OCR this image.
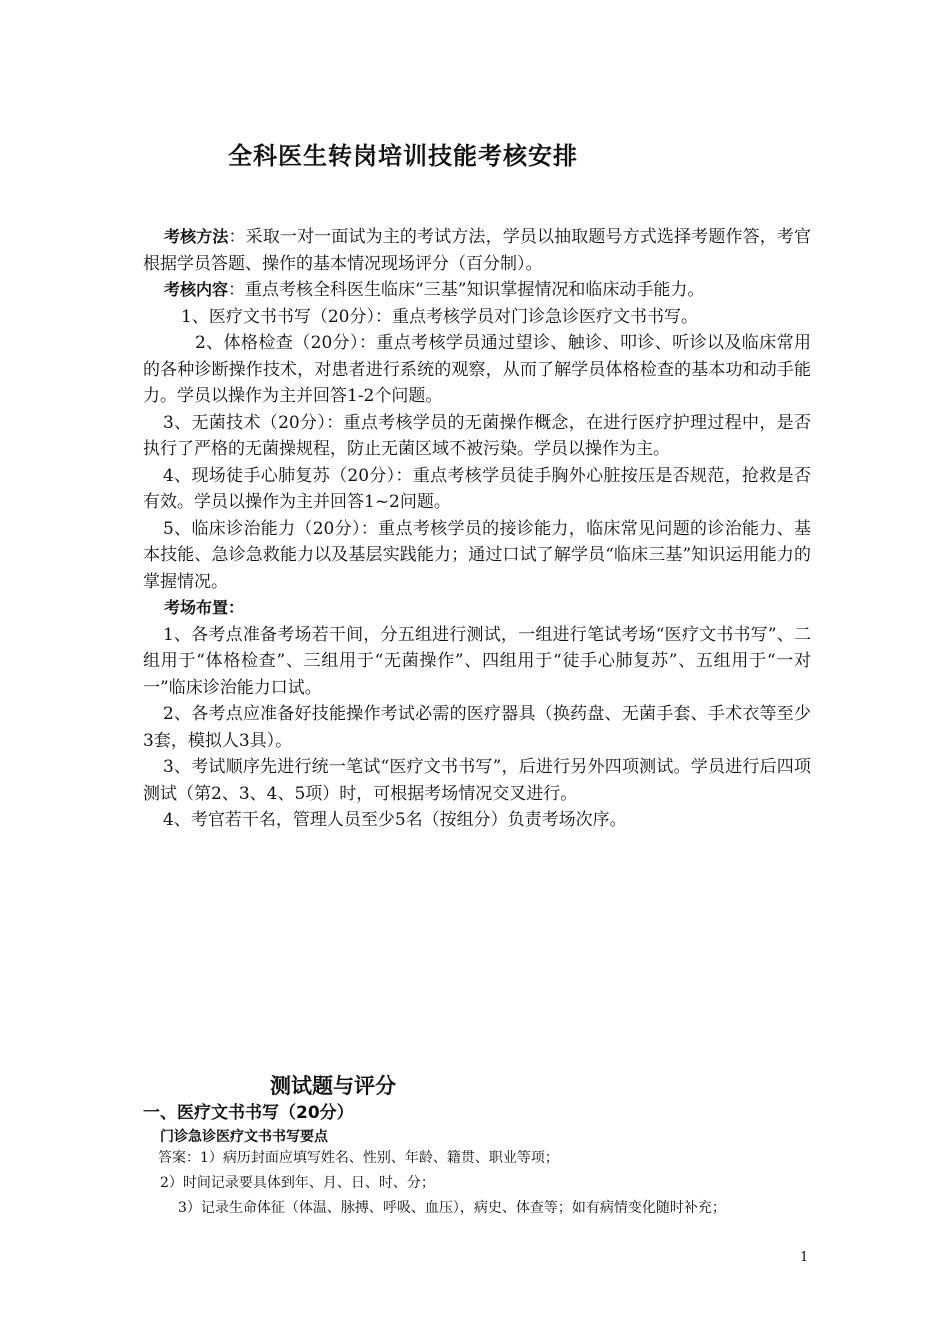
全科医生转岗培训技能考核安排

考核方法：采取一对一面试为主的考试方法，学员以抽取题号方式选择考题作答，考官根据学员答题、操作的基本情况现场评分（百分制）。

考核内容：重点考核全科医生临床“三基”知识掌握情况和临床动手能力。

1、医疗文书书写（20分）：重点考核学员对门诊急诊医疗文书书写。

2、体格检查（20分）：重点考核学员通过望诊、触诊、叩诊、听诊以及临床常用的各种诊断操作技术，对患者进行系统的观察，从而了解学员体格检查的基本功和动手能力。学员以操作为主并回答1-2个问题。

3、无菌技术（20分）：重点考核学员的无菌操作概念，在进行医疗护理过程中，是否执行了严格的无菌操规程，防止无菌区域不被污染。学员以操作为主。

4、现场徒手心肺复苏（20分）：重点考核学员徒手胸外心脏按压是否规范，抢救是否有效。学员以操作为主并回答1~2问题。

5、临床诊治能力（20分）：重点考核学员的接诊能力，临床常见问题的诊治能力、基本技能、急诊急救能力以及基层实践能力；通过口试了解学员“临床三基”知识运用能力的掌握情况。

考场布置：

1、各考点准备考场若干间，分五组进行测试，一组进行笔试考场“医疗文书书写”、二组用于“体格检查”、三组用于“无菌操作”、四组用于“徒手心肺复苏”、五组用于“一对一”临床诊治能力口试。

2、各考点应准备好技能操作考试必需的医疗器具（换药盘、无菌手套、手术衣等至少3套，模拟人3具）。

3、考试顺序先进行统一笔试“医疗文书书写”，后进行另外四项测试。学员进行后四项测试（第2、3、4、5项）时，可根据考场情况交叉进行。

4、考官若干名，管理人员至少5名（按组分）负责考场次序。

测试题与评分
一、医疗文书书写（20分）
门诊急诊医疗文书书写要点
答案：1）病历封面应填写姓名、性别、年龄、籍贯、职业等项；
2）时间记录要具体到年、月、日、时、分；
3）记录生命体征（体温、脉搏、呼吸、血压），病史、体查等；如有病情变化随时补充；
1
